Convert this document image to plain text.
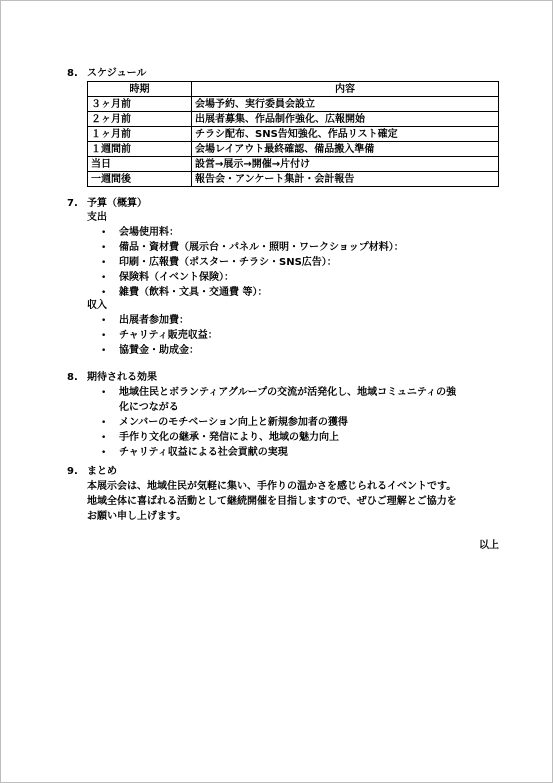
8. スケジュール
時期	内容
３ヶ月前	会場予約、実行委員会設立
２ヶ月前	出展者募集、作品制作強化、広報開始
１ヶ月前	チラシ配布、SNS告知強化、作品リスト確定
１週間前	会場レイアウト最終確認、備品搬入準備
当日	設営→展示→開催→片付け
一週間後	報告会・アンケート集計・会計報告
7. 予算（概算）
支出
• 会場使用料：
• 備品・資材費（展示台・パネル・照明・ワークショップ材料）：
• 印刷・広報費（ポスター・チラシ・SNS広告）：
• 保険料（イベント保険）：
• 雑費（飲料・文具・交通費 等）：
収入
• 出展者参加費：
• チャリティ販売収益：
• 協賛金・助成金：
8. 期待される効果
• 地域住民とボランティアグループの交流が活発化し、地域コミュニティの強
化につながる
• メンバーのモチベーション向上と新規参加者の獲得
• 手作り文化の継承・発信により、地域の魅力向上
• チャリティ収益による社会貢献の実現
9. まとめ
本展示会は、地域住民が気軽に集い、手作りの温かさを感じられるイベントです。
地域全体に喜ばれる活動として継続開催を目指しますので、ぜひご理解とご協力を
お願い申し上げます。
以上
